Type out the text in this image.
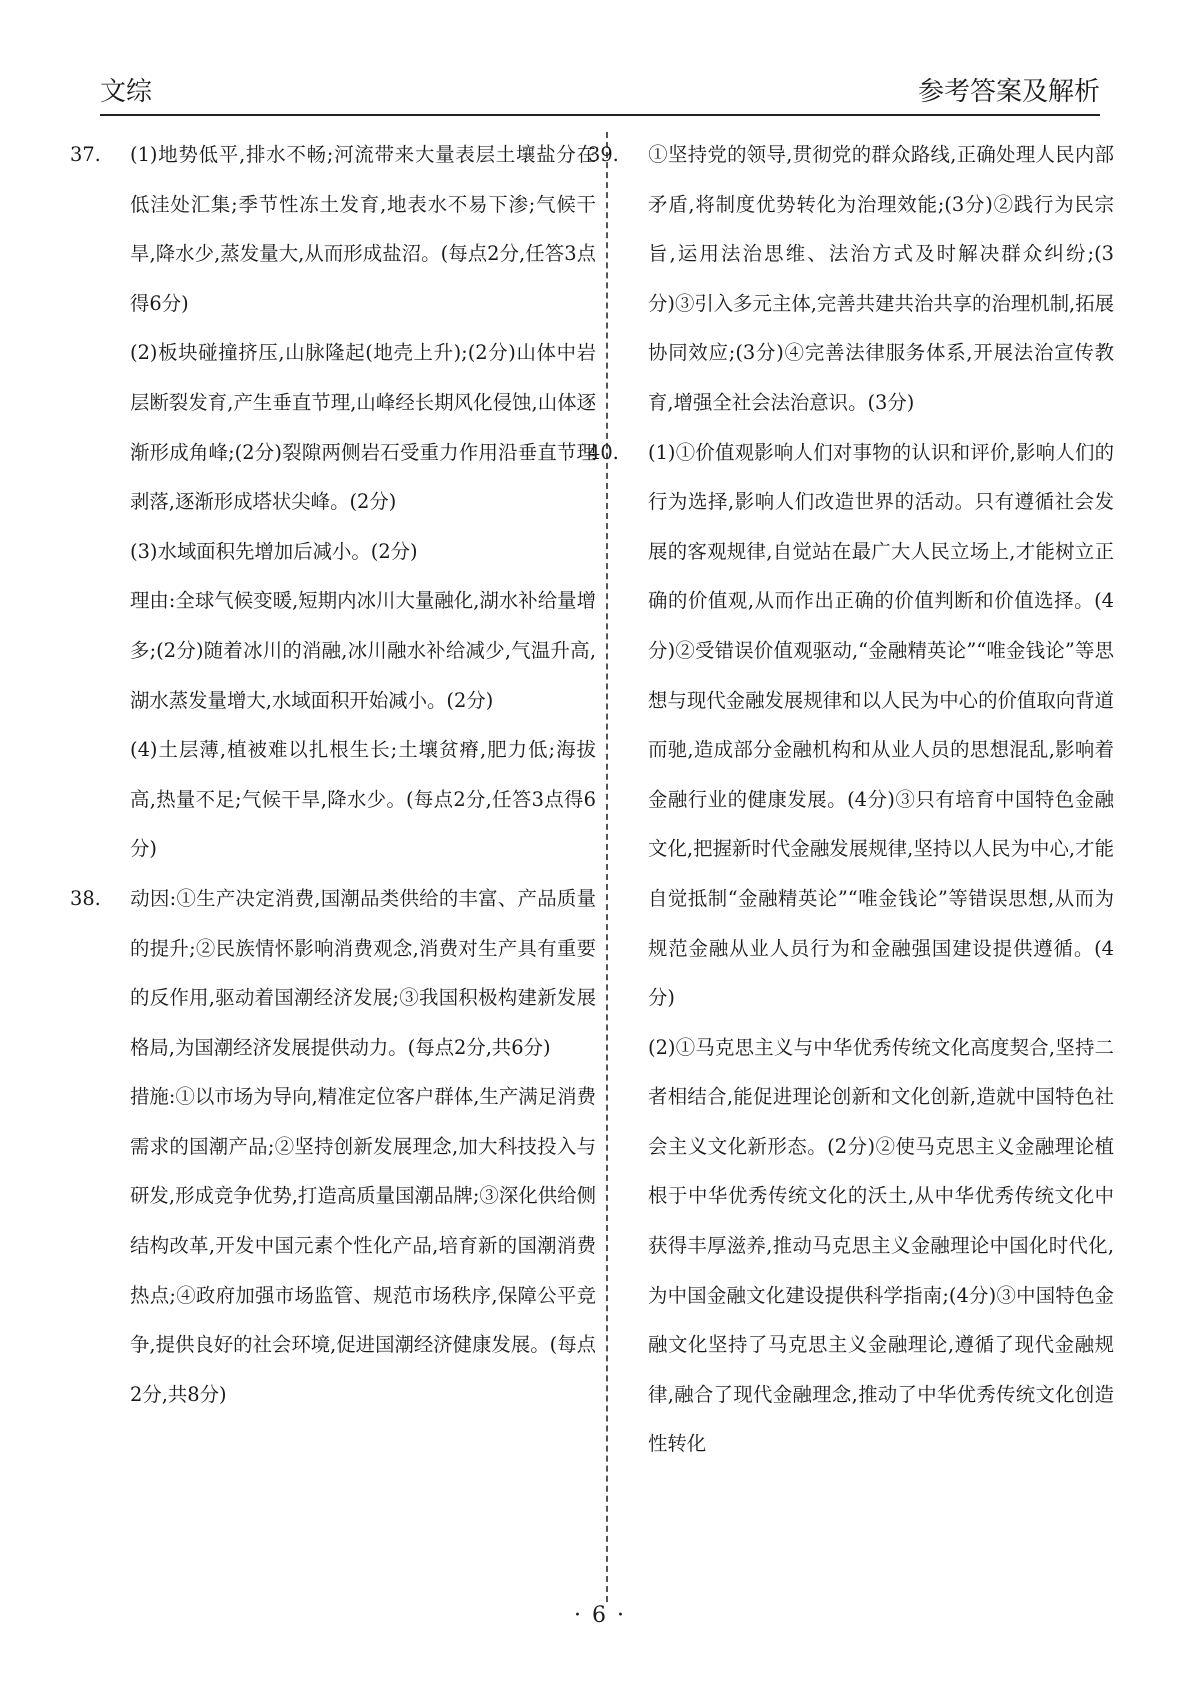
文综	参考答案及解析
37. (1)地势低平,排水不畅;河流带来大量表层土壤盐分在低洼处汇集;季节性冻土发育,地表水不易下渗;气候干旱,降水少,蒸发量大,从而形成盐沼。(每点2分,任答3点得6分)
(2)板块碰撞挤压,山脉隆起(地壳上升);(2分)山体中岩层断裂发育,产生垂直节理,山峰经长期风化侵蚀,山体逐渐形成角峰;(2分)裂隙两侧岩石受重力作用沿垂直节理剥落,逐渐形成塔状尖峰。(2分)
(3)水域面积先增加后减小。(2分)
理由:全球气候变暖,短期内冰川大量融化,湖水补给量增多;(2分)随着冰川的消融,冰川融水补给减少,气温升高,湖水蒸发量增大,水域面积开始减小。(2分)
(4)土层薄,植被难以扎根生长;土壤贫瘠,肥力低;海拔高,热量不足;气候干旱,降水少。(每点2分,任答3点得6分)
38. 动因:①生产决定消费,国潮品类供给的丰富、产品质量的提升;②民族情怀影响消费观念,消费对生产具有重要的反作用,驱动着国潮经济发展;③我国积极构建新发展格局,为国潮经济发展提供动力。(每点2分,共6分)
措施:①以市场为导向,精准定位客户群体,生产满足消费需求的国潮产品;②坚持创新发展理念,加大科技投入与研发,形成竞争优势,打造高质量国潮品牌;③深化供给侧结构改革,开发中国元素个性化产品,培育新的国潮消费热点;④政府加强市场监管、规范市场秩序,保障公平竞争,提供良好的社会环境,促进国潮经济健康发展。(每点2分,共8分)
39. ①坚持党的领导,贯彻党的群众路线,正确处理人民内部矛盾,将制度优势转化为治理效能;(3分)②践行为民宗旨,运用法治思维、法治方式及时解决群众纠纷;(3分)③引入多元主体,完善共建共治共享的治理机制,拓展协同效应;(3分)④完善法律服务体系,开展法治宣传教育,增强全社会法治意识。(3分)
40. (1)①价值观影响人们对事物的认识和评价,影响人们的行为选择,影响人们改造世界的活动。只有遵循社会发展的客观规律,自觉站在最广大人民立场上,才能树立正确的价值观,从而作出正确的价值判断和价值选择。(4分)②受错误价值观驱动,“金融精英论”“唯金钱论”等思想与现代金融发展规律和以人民为中心的价值取向背道而驰,造成部分金融机构和从业人员的思想混乱,影响着金融行业的健康发展。(4分)③只有培育中国特色金融文化,把握新时代金融发展规律,坚持以人民为中心,才能自觉抵制“金融精英论”“唯金钱论”等错误思想,从而为规范金融从业人员行为和金融强国建设提供遵循。(4分)
(2)①马克思主义与中华优秀传统文化高度契合,坚持二者相结合,能促进理论创新和文化创新,造就中国特色社会主义文化新形态。(2分)②使马克思主义金融理论植根于中华优秀传统文化的沃土,从中华优秀传统文化中获得丰厚滋养,推动马克思主义金融理论中国化时代化,为中国金融文化建设提供科学指南;(4分)③中国特色金融文化坚持了马克思主义金融理论,遵循了现代金融规律,融合了现代金融理念,推动了中华优秀传统文化创造性转化
· 6 ·
